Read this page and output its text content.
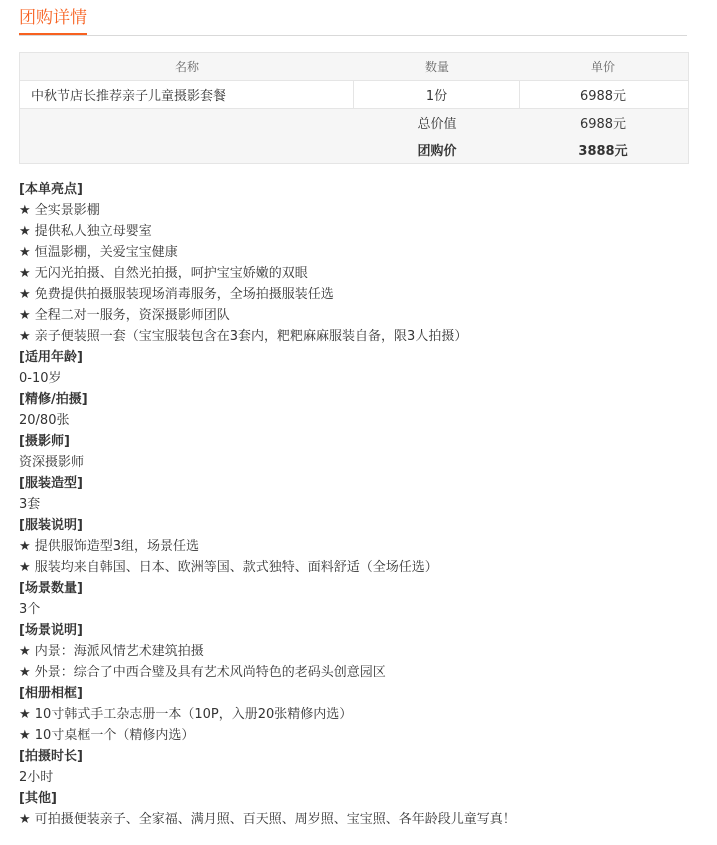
团购详情
名称	数量	单价
中秋节店长推荐亲子儿童摄影套餐	1份	6988元
总价值	6988元
团购价	3888元
[本单亮点]
★ 全实景影棚
★ 提供私人独立母婴室
★ 恒温影棚，关爱宝宝健康
★ 无闪光拍摄、自然光拍摄，呵护宝宝娇嫩的双眼
★ 免费提供拍摄服装现场消毒服务，全场拍摄服装任选
★ 全程二对一服务，资深摄影师团队
★ 亲子便装照一套（宝宝服装包含在3套内，粑粑麻麻服装自备，限3人拍摄）
[适用年龄]
0-10岁
[精修/拍摄]
20/80张
[摄影师]
资深摄影师
[服装造型]
3套
[服装说明]
★ 提供服饰造型3组，场景任选
★ 服装均来自韩国、日本、欧洲等国、款式独特、面料舒适（全场任选）
[场景数量]
3个
[场景说明]
★ 内景：海派风情艺术建筑拍摄
★ 外景：综合了中西合璧及具有艺术风尚特色的老码头创意园区
[相册相框]
★ 10寸韩式手工杂志册一本（10P，入册20张精修内选）
★ 10寸桌框一个（精修内选）
[拍摄时长]
2小时
[其他]
★ 可拍摄便装亲子、全家福、满月照、百天照、周岁照、宝宝照、各年龄段儿童写真！
